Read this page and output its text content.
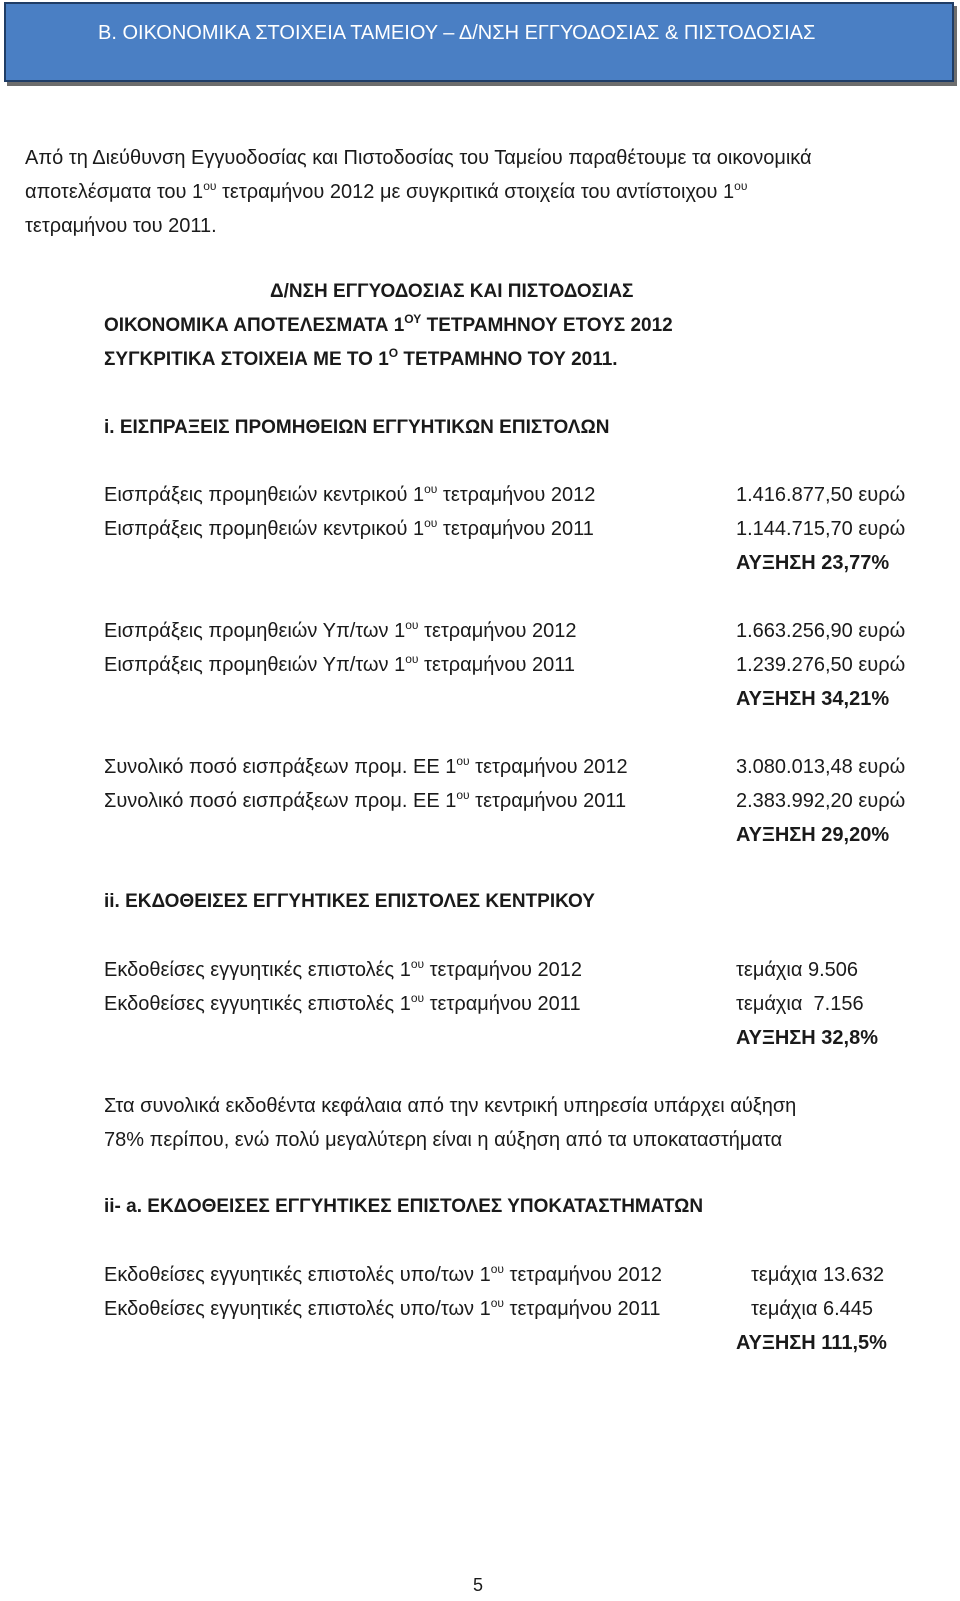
B. ΟΙΚΟΝΟΜΙΚΑ ΣΤΟΙΧΕΙΑ ΤΑΜΕΙΟΥ – Δ/ΝΣΗ ΕΓΓΥΟΔΟΣΙΑΣ & ΠΙΣΤΟΔΟΣΙΑΣ
Από τη Διεύθυνση Εγγυοδοσίας και Πιστοδοσίας του Ταμείου παραθέτουμε τα οικονομικά
αποτελέσματα του $1^{o\upsilon}$ τετραμήνου 2012 με συγκριτικά στοιχεία του αντίστοιχου $1^{o\upsilon}$
τετραμήνου του 2011.
Δ/ΝΣΗ ΕΓΓΥΟΔΟΣΙΑΣ ΚΑΙ ΠΙΣΤΟΔΟΣΙΑΣ
ΟΙΚΟΝΟΜΙΚΑ ΑΠΟΤΕΛΕΣΜΑΤΑ $1^{O\Upsilon}$ ΤΕΤΡΑΜΗΝΟΥ ΕΤΟΥΣ 2012
ΣΥΓΚΡΙΤΙΚΑ ΣΤΟΙΧΕΙΑ ΜΕ ΤΟ $1^O$ ΤΕΤΡΑΜΗΝΟ ΤΟΥ 2011.
i. ΕΙΣΠΡΑΞΕΙΣ ΠΡΟΜΗΘΕΙΩΝ ΕΓΓΥΗΤΙΚΩΝ ΕΠΙΣΤΟΛΩΝ
Εισπράξεις προμηθειών κεντρικού $1^{o\upsilon}$ τετραμήνου 2012	1.416.877,50 ευρώ
Εισπράξεις προμηθειών κεντρικού $1^{o\upsilon}$ τετραμήνου 2011	1.144.715,70 ευρώ
ΑΥΞΗΣΗ 23,77%
Εισπράξεις προμηθειών Υπ/των $1^{o\upsilon}$ τετραμήνου 2012	1.663.256,90 ευρώ
Εισπράξεις προμηθειών Υπ/των $1^{o\upsilon}$ τετραμήνου 2011	1.239.276,50 ευρώ
ΑΥΞΗΣΗ 34,21%
Συνολικό ποσό εισπράξεων προμ. ΕΕ $1^{o\upsilon}$ τετραμήνου 2012	3.080.013,48 ευρώ
Συνολικό ποσό εισπράξεων προμ. ΕΕ $1^{o\upsilon}$ τετραμήνου 2011	2.383.992,20 ευρώ
ΑΥΞΗΣΗ 29,20%
ii. ΕΚΔΟΘΕΙΣΕΣ ΕΓΓΥΗΤΙΚΕΣ ΕΠΙΣΤΟΛΕΣ ΚΕΝΤΡΙΚΟΥ
Εκδοθείσες εγγυητικές επιστολές $1^{o\upsilon}$ τετραμήνου 2012	τεμάχια 9.506
Εκδοθείσες εγγυητικές επιστολές $1^{o\upsilon}$ τετραμήνου 2011	τεμάχια  7.156
ΑΥΞΗΣΗ 32,8%
Στα συνολικά εκδοθέντα κεφάλαια από την κεντρική υπηρεσία υπάρχει αύξηση
78% περίπου, ενώ πολύ μεγαλύτερη είναι η αύξηση από τα υποκαταστήματα
ii- a. ΕΚΔΟΘΕΙΣΕΣ ΕΓΓΥΗΤΙΚΕΣ ΕΠΙΣΤΟΛΕΣ ΥΠΟΚΑΤΑΣΤΗΜΑΤΩΝ
Εκδοθείσες εγγυητικές επιστολές υπο/των $1^{o\upsilon}$ τετραμήνου 2012	τεμάχια 13.632
Εκδοθείσες εγγυητικές επιστολές υπο/των $1^{o\upsilon}$ τετραμήνου 2011	τεμάχια 6.445
ΑΥΞΗΣΗ 111,5%
5
